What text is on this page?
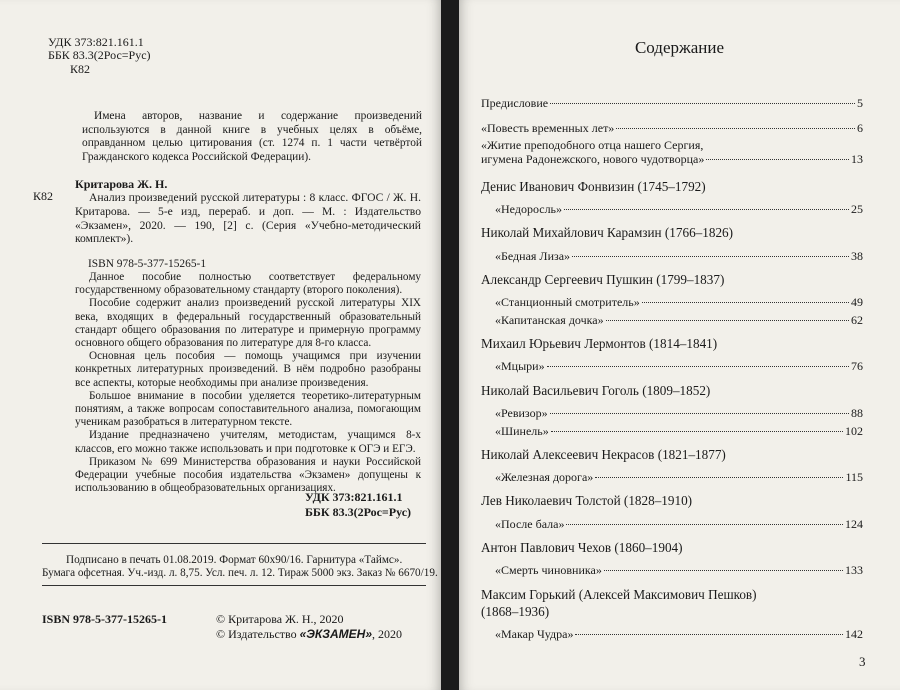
УДК 373:821.161.1
ББК 83.3(2Рос=Рус)
К82
Имена авторов, название и содержание произведений используются в данной книге в учебных целях в объёме, оправданном целью цитирования (ст. 1274 п. 1 части четвёртой Гражданского кодекса Российской Федерации).
К82
Критарова Ж. Н.
Анализ произведений русской литературы : 8 класс. ФГОС / Ж. Н. Критарова. — 5-е изд, перераб. и доп. — М. : Издательство «Экзамен», 2020. — 190, [2] с. (Серия «Учебно-методический комплект»).
ISBN 978-5-377-15265-1

Данное пособие полностью соответствует федеральному государственному образовательному стандарту (второго поколения).

Пособие содержит анализ произведений русской литературы XIX века, входящих в федеральный государственный образовательный стандарт общего образования по литературе и примерную программу основного общего образования по литературе для 8-го класса.

Основная цель пособия — помощь учащимся при изучении конкретных литературных произведений. В нём подробно разобраны все аспекты, которые необходимы при анализе произведения.

Большое внимание в пособии уделяется теоретико-литературным понятиям, а также вопросам сопоставительного анализа, помогающим ученикам разобраться в литературном тексте.

Издание предназначено учителям, методистам, учащимся 8-х классов, его можно также использовать и при подготовке к ОГЭ и ЕГЭ.

Приказом № 699 Министерства образования и науки Российской Федерации учебные пособия издательства «Экзамен» допущены к использованию в общеобразовательных организациях.

УДК 373:821.161.1
ББК 83.3(2Рос=Рус)
Подписано в печать 01.08.2019. Формат 60х90/16. Гарнитура «Таймс».
Бумага офсетная. Уч.-изд. л. 8,75. Усл. печ. л. 12. Тираж 5000 экз. Заказ № 6670/19.
ISBN 978-5-377-15265-1	© Критарова Ж. Н., 2020
© Издательство «ЭКЗАМЕН», 2020
Содержание
Предисловие	5
«Повесть временных лет»	6
«Житие преподобного отца нашего Сергия,
игумена Радонежского, нового чудотворца»	13
Денис Иванович Фонвизин (1745–1792)
«Недоросль»	25
Николай Михайлович Карамзин (1766–1826)
«Бедная Лиза»	38
Александр Сергеевич Пушкин (1799–1837)
«Станционный смотритель»	49
«Капитанская дочка»	62
Михаил Юрьевич Лермонтов (1814–1841)
«Мцыри»	76
Николай Васильевич Гоголь (1809–1852)
«Ревизор»	88
«Шинель»	102
Николай Алексеевич Некрасов (1821–1877)
«Железная дорога»	115
Лев Николаевич Толстой (1828–1910)
«После бала»	124
Антон Павлович Чехов (1860–1904)
«Смерть чиновника»	133
Максим Горький (Алексей Максимович Пешков)
(1868–1936)
«Макар Чудра»	142
3
